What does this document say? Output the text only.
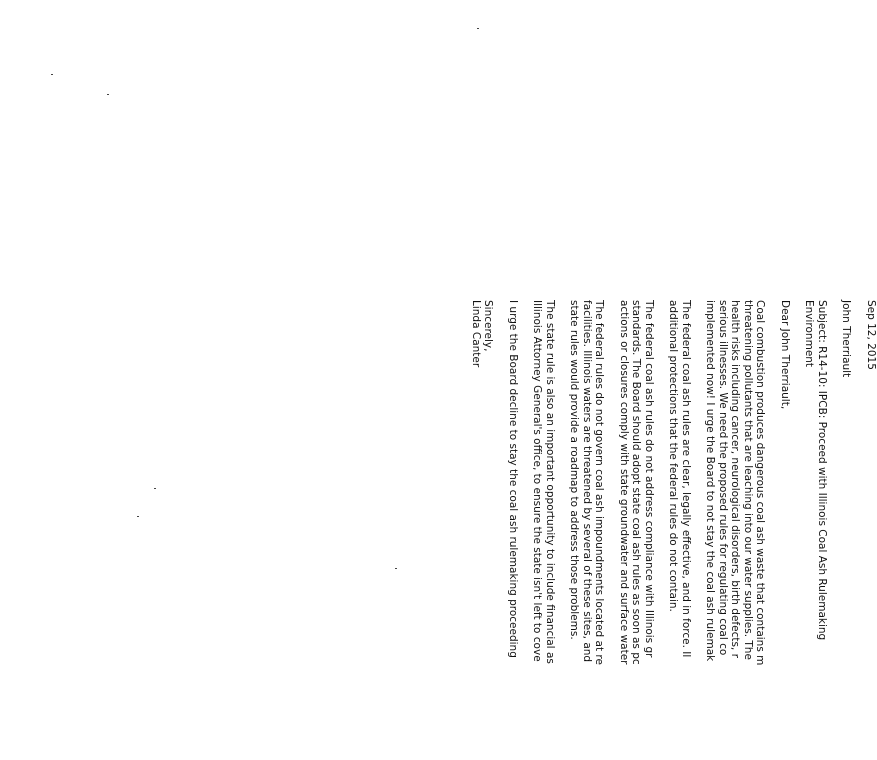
Sep 12, 2015
John Therriault
Subject: R14-10: IPCB: Proceed with Illinois Coal Ash Rulemaking
Environment
Dear John Therriault,
Coal combustion produces dangerous coal ash waste that contains m
threatening pollutants that are leaching into our water supplies. The
health risks including cancer, neurological disorders, birth defects, r
serious illnesses. We need the proposed rules for regulating coal co
implemented now! I urge the Board to not stay the coal ash rulemak
The federal coal ash rules are clear, legally effective, and in force. Il
additional protections that the federal rules do not contain.
The federal coal ash rules do not address compliance with Illinois gr
standards. The Board should adopt state coal ash rules as soon as pc
actions or closures comply with state groundwater and surface water
The federal rules do not govern coal ash impoundments located at re
facilities. Illinois waters are threatened by several of these sites, and
state rules would provide a roadmap to address those problems.
The state rule is also an important opportunity to include financial as
Illinois Attorney General's office, to ensure the state isn't left to cove
I urge the Board decline to stay the coal ash rulemaking proceeding
Sincerely,
Linda Canter
